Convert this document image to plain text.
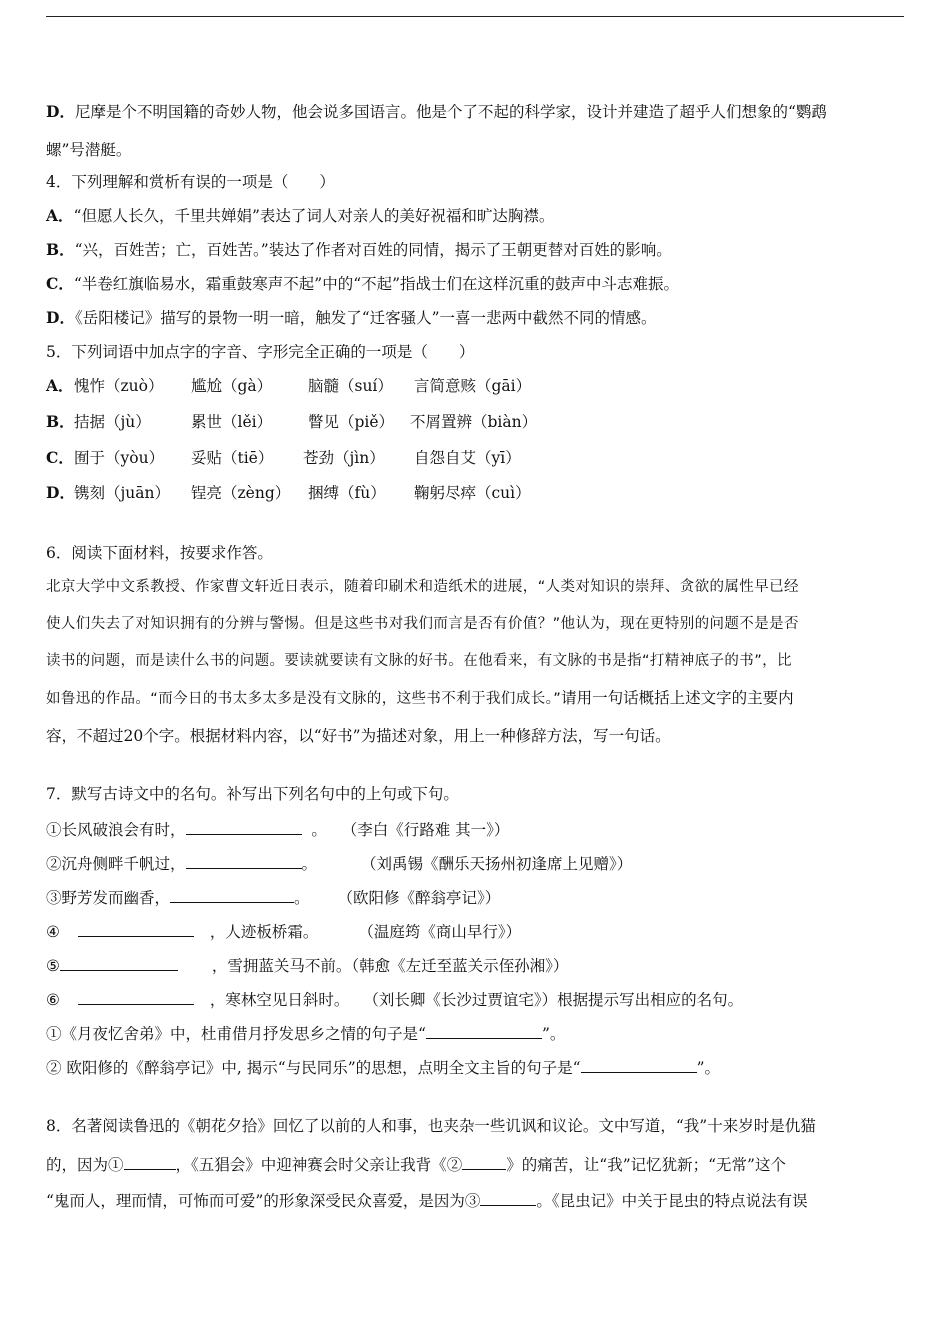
D．尼摩是个不明国籍的奇妙人物，他会说多国语言。他是个了不起的科学家，设计并建造了超乎人们想象的“鹦鹉
螺”号潜艇。
4．下列理解和赏析有误的一项是（　　）
A．“但愿人长久，千里共婵娟”表达了词人对亲人的美好祝福和旷达胸襟。
B．“兴，百姓苦；亡，百姓苦。”装达了作者对百姓的同情，揭示了王朝更替对百姓的影响。
C．“半卷红旗临易水，霜重鼓寒声不起”中的“不起”指战士们在这样沉重的鼓声中斗志难振。
D．《岳阳楼记》描写的景物一明一暗，触发了“迁客骚人”一喜一悲两中截然不同的情感。
5．下列词语中加点字的字音、字形完全正确的一项是（　　）
A． 愧怍（zuò） 尴尬（gà） 脑髓（suí） 言简意赅（gāi）
B． 拮据（jù）	累世（lěi） 瞥见（piě） 不屑置辨（biàn）
C． 囿于（yòu） 妥贴（tiē） 苍劲（jìn） 自怨自艾（yī）
D． 镌刻（juān） 锃亮（zèng） 捆缚（fù） 鞠躬尽瘁（cuì）
6．阅读下面材料，按要求作答。
北京大学中文系教授、作家曹文轩近日表示，随着印刷术和造纸术的进展，“人类对知识的崇拜、贪欲的属性早已经
使人们失去了对知识拥有的分辨与警惕。但是这些书对我们而言是否有价值？”他认为，现在更特别的问题不是是否
读书的问题，而是读什么书的问题。要读就要读有文脉的好书。在他看来，有文脉的书是指“打精神底子的书”，比
如鲁迅的作品。“而今日的书太多太多是没有文脉的，这些书不利于我们成长。”请用一句话概括上述文字的主要内
容，不超过20个字。根据材料内容，以“好书”为描述对象，用上一种修辞方法，写一句话。
7．默写古诗文中的名句。补写出下列名句中的上句或下句。
①长风破浪会有时，	。 （李白《行路难 其一》）
②沉舟侧畔千帆过，	。	（刘禹锡《酬乐天扬州初逢席上见赠》）
③野芳发而幽香，	。 （欧阳修《醉翁亭记》）
④	，人迹板桥霜。	（温庭筠《商山早行》）
⑤	，雪拥蓝关马不前。（韩愈《左迁至蓝关示侄孙湘》）
⑥	，寒林空见日斜时。 （刘长卿《长沙过贾谊宅》）根据提示写出相应的名句。
①《月夜忆舍弟》中，杜甫借月抒发思乡之情的句子是“	”。
② 欧阳修的《醉翁亭记》中, 揭示“与民同乐”的思想，点明全文主旨的句子是“	”。
8．名著阅读鲁迅的《朝花夕拾》回忆了以前的人和事，也夹杂一些讥讽和议论。文中写道，“我”十来岁时是仇猫
的，因为①	，《五猖会》中迎神赛会时父亲让我背《②	》的痛苦，让“我”记忆犹新；“无常”这个
“鬼而人，理而情，可怖而可爱”的形象深受民众喜爱，是因为③	。《昆虫记》中关于昆虫的特点说法有误
